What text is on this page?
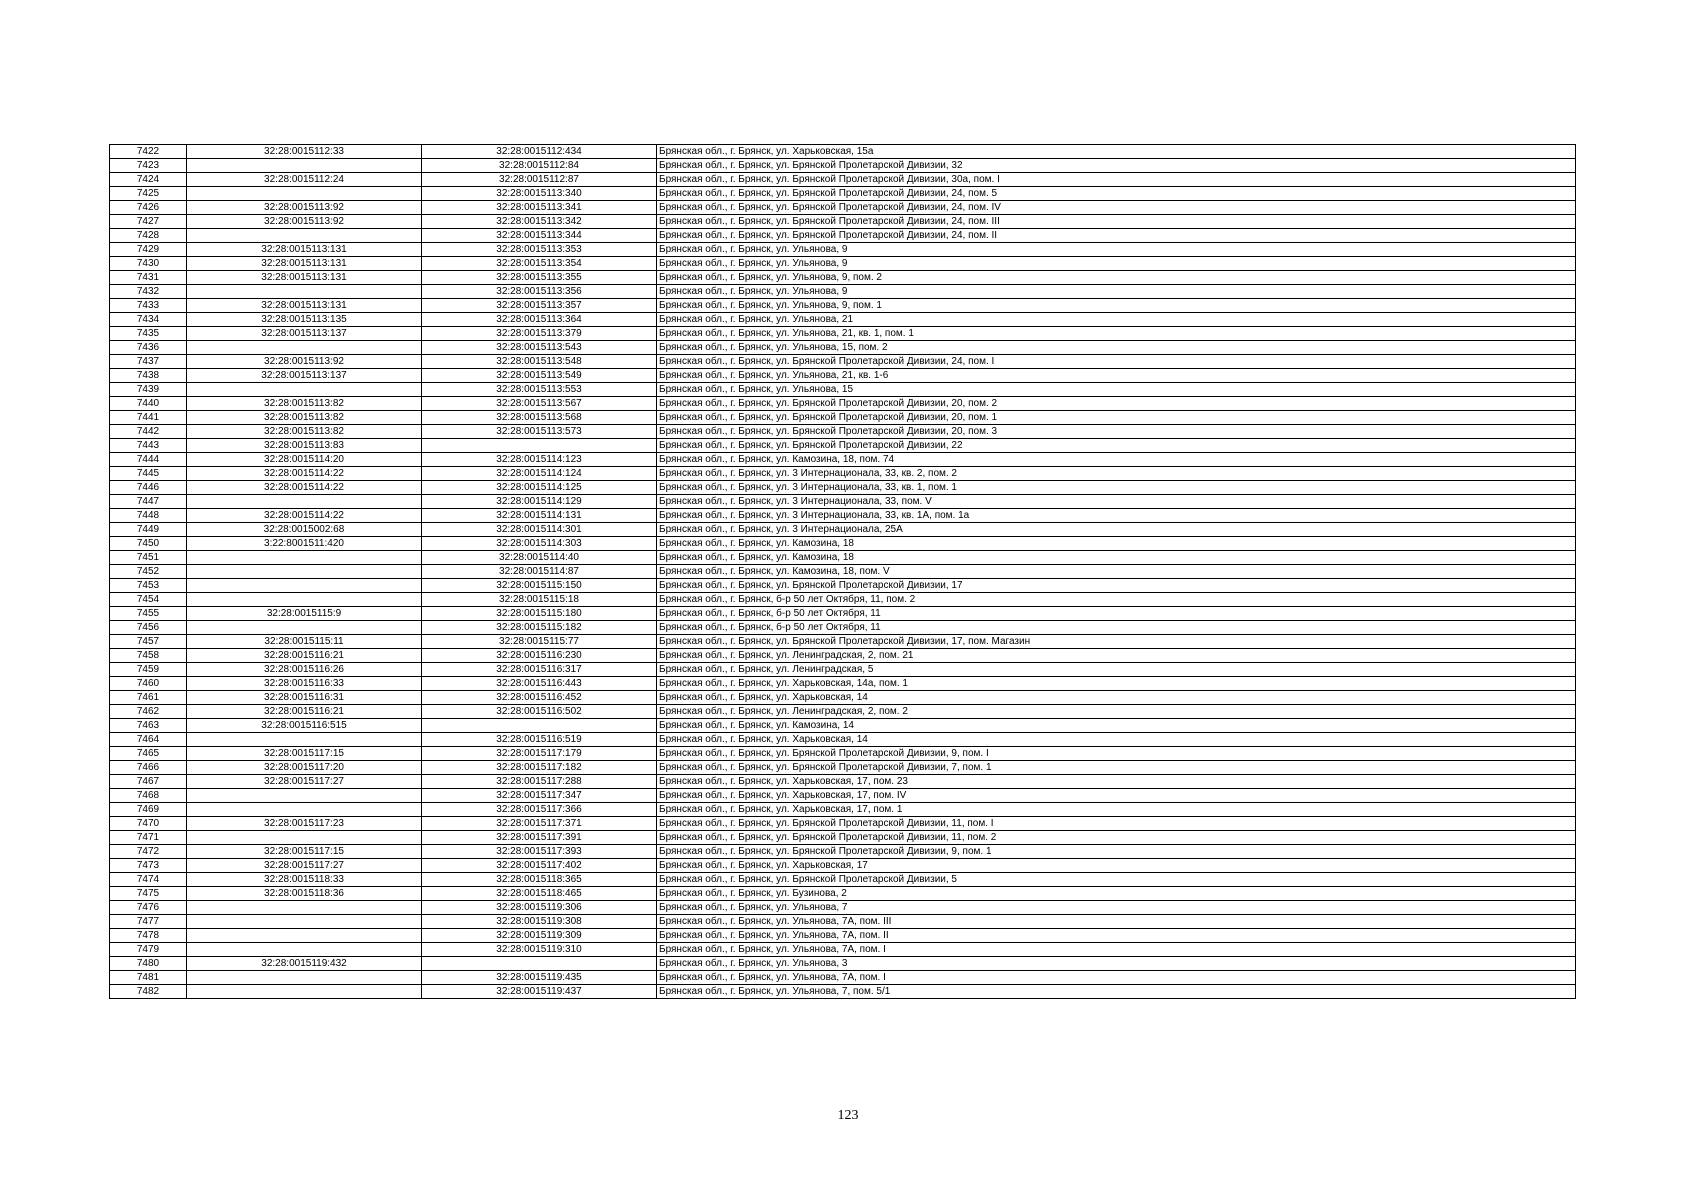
7422	32:28:0015112:33	32:28:0015112:434	Брянская обл., г. Брянск, ул. Харьковская, 15а
7423		32:28:0015112:84	Брянская обл., г. Брянск, ул. Брянской Пролетарской Дивизии, 32
7424	32:28:0015112:24	32:28:0015112:87	Брянская обл., г. Брянск, ул. Брянской Пролетарской Дивизии, 30а, пом. I
7425		32:28:0015113:340	Брянская обл., г. Брянск, ул. Брянской Пролетарской Дивизии, 24, пом. 5
7426	32:28:0015113:92	32:28:0015113:341	Брянская обл., г. Брянск, ул. Брянской Пролетарской Дивизии, 24, пом. IV
7427	32:28:0015113:92	32:28:0015113:342	Брянская обл., г. Брянск, ул. Брянской Пролетарской Дивизии, 24, пом. III
7428		32:28:0015113:344	Брянская обл., г. Брянск, ул. Брянской Пролетарской Дивизии, 24, пом. II
7429	32:28:0015113:131	32:28:0015113:353	Брянская обл., г. Брянск, ул. Ульянова, 9
7430	32:28:0015113:131	32:28:0015113:354	Брянская обл., г. Брянск, ул. Ульянова, 9
7431	32:28:0015113:131	32:28:0015113:355	Брянская обл., г. Брянск, ул. Ульянова, 9, пом. 2
7432		32:28:0015113:356	Брянская обл., г. Брянск, ул. Ульянова, 9
7433	32:28:0015113:131	32:28:0015113:357	Брянская обл., г. Брянск, ул. Ульянова, 9, пом. 1
7434	32:28:0015113:135	32:28:0015113:364	Брянская обл., г. Брянск, ул. Ульянова, 21
7435	32:28:0015113:137	32:28:0015113:379	Брянская обл., г. Брянск, ул. Ульянова, 21, кв. 1, пом. 1
7436		32:28:0015113:543	Брянская обл., г. Брянск, ул. Ульянова, 15, пом. 2
7437	32:28:0015113:92	32:28:0015113:548	Брянская обл., г. Брянск, ул. Брянской Пролетарской Дивизии, 24, пом. I
7438	32:28:0015113:137	32:28:0015113:549	Брянская обл., г. Брянск, ул. Ульянова, 21, кв. 1-6
7439		32:28:0015113:553	Брянская обл., г. Брянск, ул. Ульянова, 15
7440	32:28:0015113:82	32:28:0015113:567	Брянская обл., г. Брянск, ул. Брянской Пролетарской Дивизии, 20, пом. 2
7441	32:28:0015113:82	32:28:0015113:568	Брянская обл., г. Брянск, ул. Брянской Пролетарской Дивизии, 20, пом. 1
7442	32:28:0015113:82	32:28:0015113:573	Брянская обл., г. Брянск, ул. Брянской Пролетарской Дивизии, 20, пом. 3
7443	32:28:0015113:83		Брянская обл., г. Брянск, ул. Брянской Пролетарской Дивизии, 22
7444	32:28:0015114:20	32:28:0015114:123	Брянская обл., г. Брянск, ул. Камозина, 18, пом. 74
7445	32:28:0015114:22	32:28:0015114:124	Брянская обл., г. Брянск, ул. 3 Интернационала, 33, кв. 2, пом. 2
7446	32:28:0015114:22	32:28:0015114:125	Брянская обл., г. Брянск, ул. 3 Интернационала, 33, кв. 1, пом. 1
7447		32:28:0015114:129	Брянская обл., г. Брянск, ул. 3 Интернационала, 33, пом. V
7448	32:28:0015114:22	32:28:0015114:131	Брянская обл., г. Брянск, ул. 3 Интернационала, 33, кв. 1А, пом. 1а
7449	32:28:0015002:68	32:28:0015114:301	Брянская обл., г. Брянск, ул. 3 Интернационала, 25А
7450	3:22:8001511:420	32:28:0015114:303	Брянская обл., г. Брянск, ул. Камозина, 18
7451		32:28:0015114:40	Брянская обл., г. Брянск, ул. Камозина, 18
7452		32:28:0015114:87	Брянская обл., г. Брянск, ул. Камозина, 18, пом. V
7453		32:28:0015115:150	Брянская обл., г. Брянск, ул. Брянской Пролетарской Дивизии, 17
7454		32:28:0015115:18	Брянская обл., г. Брянск, б-р 50 лет Октября, 11, пом. 2
7455	32:28:0015115:9	32:28:0015115:180	Брянская обл., г. Брянск, б-р 50 лет Октября, 11
7456		32:28:0015115:182	Брянская обл., г. Брянск, б-р 50 лет Октября, 11
7457	32:28:0015115:11	32:28:0015115:77	Брянская обл., г. Брянск, ул. Брянской Пролетарской Дивизии, 17, пом. Магазин
7458	32:28:0015116:21	32:28:0015116:230	Брянская обл., г. Брянск, ул. Ленинградская, 2, пом. 21
7459	32:28:0015116:26	32:28:0015116:317	Брянская обл., г. Брянск, ул. Ленинградская, 5
7460	32:28:0015116:33	32:28:0015116:443	Брянская обл., г. Брянск, ул. Харьковская, 14а, пом. 1
7461	32:28:0015116:31	32:28:0015116:452	Брянская обл., г. Брянск, ул. Харьковская, 14
7462	32:28:0015116:21	32:28:0015116:502	Брянская обл., г. Брянск, ул. Ленинградская, 2, пом. 2
7463	32:28:0015116:515		Брянская обл., г. Брянск, ул. Камозина, 14
7464		32:28:0015116:519	Брянская обл., г. Брянск, ул. Харьковская, 14
7465	32:28:0015117:15	32:28:0015117:179	Брянская обл., г. Брянск, ул. Брянской Пролетарской Дивизии, 9, пом. I
7466	32:28:0015117:20	32:28:0015117:182	Брянская обл., г. Брянск, ул. Брянской Пролетарской Дивизии, 7, пом. 1
7467	32:28:0015117:27	32:28:0015117:288	Брянская обл., г. Брянск, ул. Харьковская, 17, пом. 23
7468		32:28:0015117:347	Брянская обл., г. Брянск, ул. Харьковская, 17, пом. IV
7469		32:28:0015117:366	Брянская обл., г. Брянск, ул. Харьковская, 17, пом. 1
7470	32:28:0015117:23	32:28:0015117:371	Брянская обл., г. Брянск, ул. Брянской Пролетарской Дивизии, 11, пом. I
7471		32:28:0015117:391	Брянская обл., г. Брянск, ул. Брянской Пролетарской Дивизии, 11, пом. 2
7472	32:28:0015117:15	32:28:0015117:393	Брянская обл., г. Брянск, ул. Брянской Пролетарской Дивизии, 9, пом. 1
7473	32:28:0015117:27	32:28:0015117:402	Брянская обл., г. Брянск, ул. Харьковская, 17
7474	32:28:0015118:33	32:28:0015118:365	Брянская обл., г. Брянск, ул. Брянской Пролетарской Дивизии, 5
7475	32:28:0015118:36	32:28:0015118:465	Брянская обл., г. Брянск, ул. Бузинова, 2
7476		32:28:0015119:306	Брянская обл., г. Брянск, ул. Ульянова, 7
7477		32:28:0015119:308	Брянская обл., г. Брянск, ул. Ульянова, 7А, пом. III
7478		32:28:0015119:309	Брянская обл., г. Брянск, ул. Ульянова, 7А, пом. II
7479		32:28:0015119:310	Брянская обл., г. Брянск, ул. Ульянова, 7А, пом. I
7480	32:28:0015119:432		Брянская обл., г. Брянск, ул. Ульянова, 3
7481		32:28:0015119:435	Брянская обл., г. Брянск, ул. Ульянова, 7А, пом. I
7482		32:28:0015119:437	Брянская обл., г. Брянск, ул. Ульянова, 7, пом. 5/1
123
